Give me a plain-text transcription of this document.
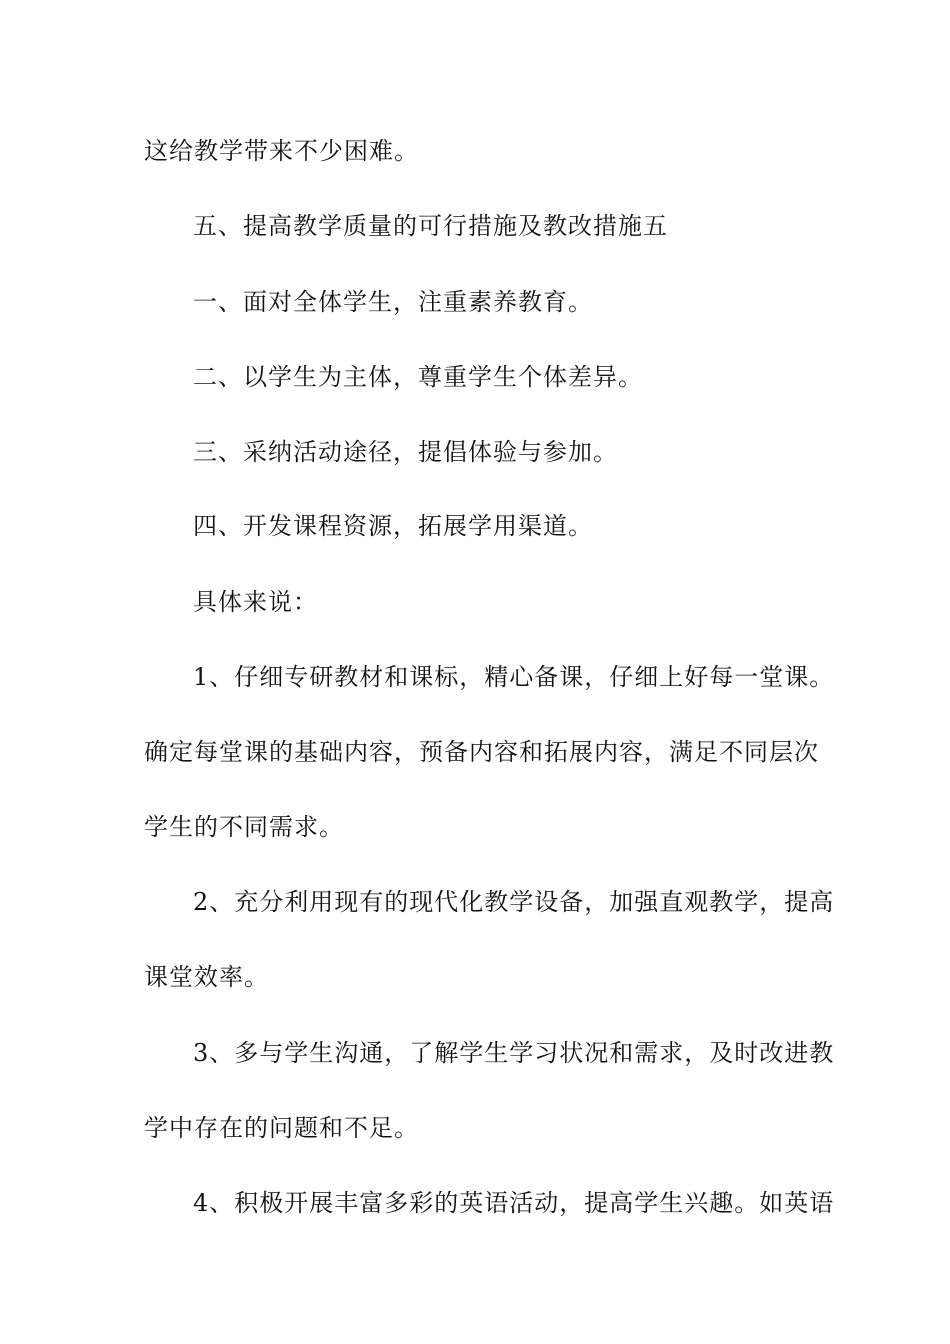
这给教学带来不少困难。

五、提高教学质量的可行措施及教改措施五

一、面对全体学生，注重素养教育。

二、以学生为主体，尊重学生个体差异。

三、采纳活动途径，提倡体验与参加。

四、开发课程资源，拓展学用渠道。

具体来说：

1、仔细专研教材和课标，精心备课，仔细上好每一堂课。

确定每堂课的基础内容，预备内容和拓展内容，满足不同层次

学生的不同需求。

2、充分利用现有的现代化教学设备，加强直观教学，提高

课堂效率。

3、多与学生沟通，了解学生学习状况和需求，及时改进教

学中存在的问题和不足。

4、积极开展丰富多彩的英语活动，提高学生兴趣。如英语
